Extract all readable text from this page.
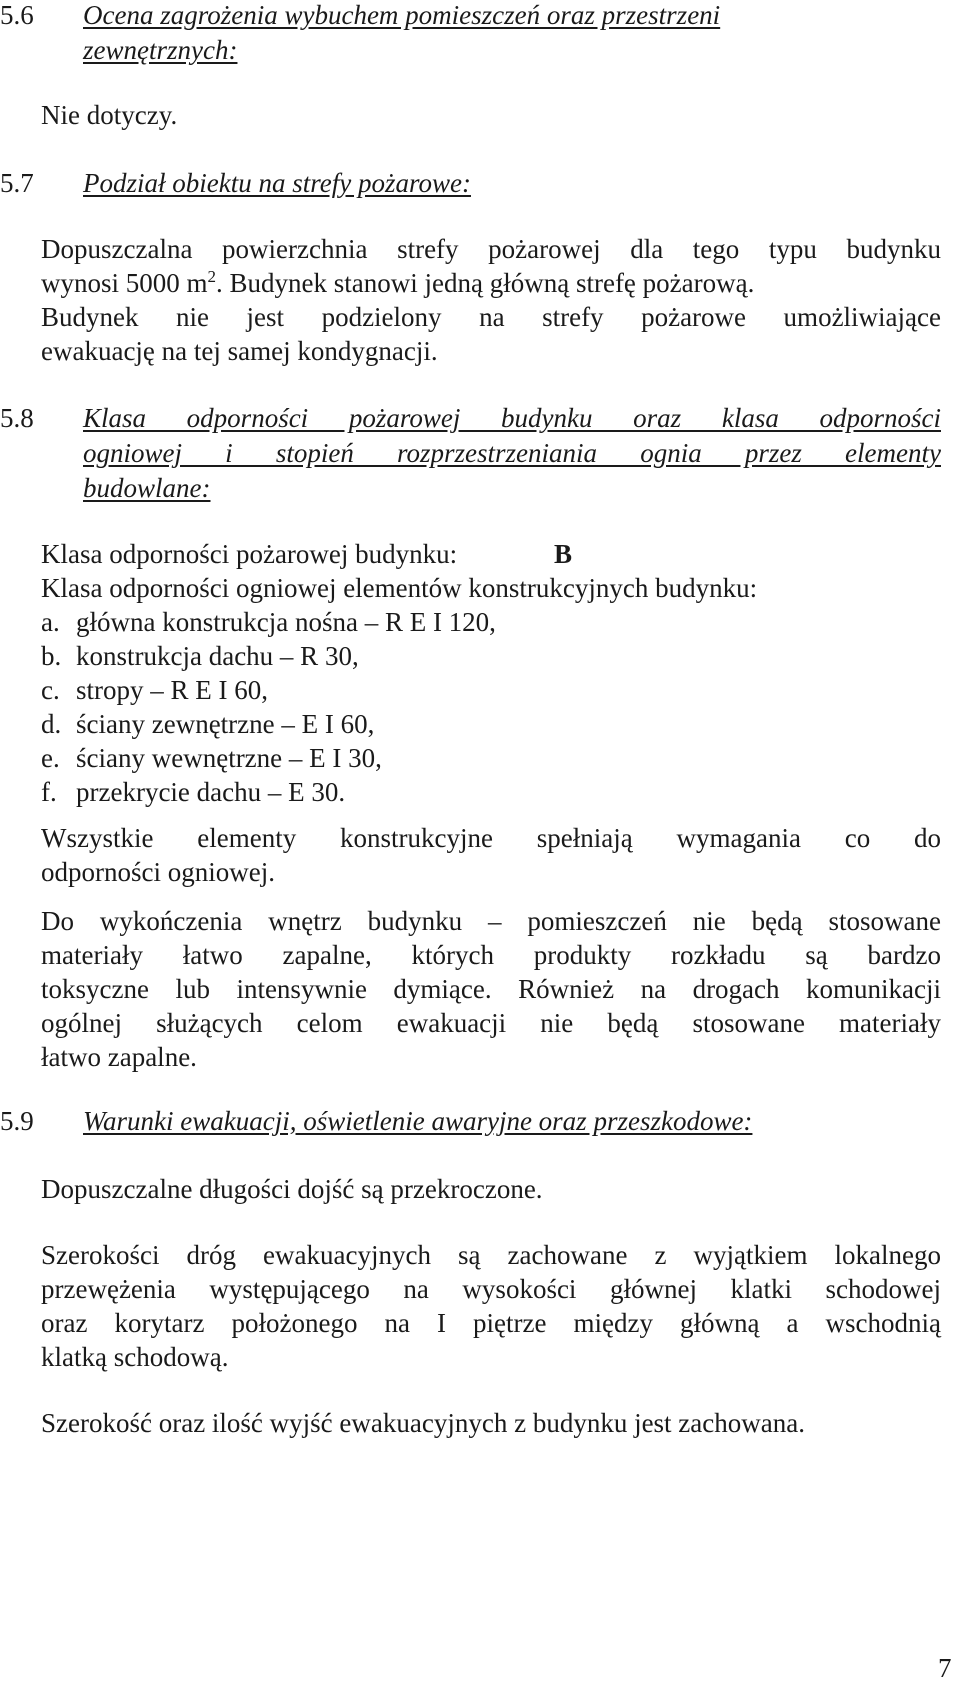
5.6 Ocena zagrożenia wybuchem pomieszczeń oraz przestrzeni
zewnętrznych:
Nie dotyczy.
5.7 Podział obiektu na strefy pożarowe:
Dopuszczalna powierzchnia strefy pożarowej dla tego typu budynku
wynosi 5000 $m^2$. Budynek stanowi jedną główną strefę pożarową.
Budynek nie jest podzielony na strefy pożarowe umożliwiające
ewakuację na tej samej kondygnacji.
5.8 Klasa odporności pożarowej budynku oraz klasa odporności
ogniowej i stopień rozprzestrzeniania ognia przez elementy
budowlane:
Klasa odporności pożarowej budynku:	B
Klasa odporności ogniowej elementów konstrukcyjnych budynku:
a. główna konstrukcja nośna – R E I 120,
b. konstrukcja dachu – R 30,
c. stropy – R E I 60,
d. ściany zewnętrzne – E I 60,
e. ściany wewnętrzne – E I 30,
f. przekrycie dachu – E 30.
Wszystkie elementy konstrukcyjne spełniają wymagania co do
odporności ogniowej.
Do wykończenia wnętrz budynku – pomieszczeń nie będą stosowane
materiały łatwo zapalne, których produkty rozkładu są bardzo
toksyczne lub intensywnie dymiące. Również na drogach komunikacji
ogólnej służących celom ewakuacji nie będą stosowane materiały
łatwo zapalne.
5.9 Warunki ewakuacji, oświetlenie awaryjne oraz przeszkodowe:
Dopuszczalne długości dojść są przekroczone.
Szerokości dróg ewakuacyjnych są zachowane z wyjątkiem lokalnego
przewężenia występującego na wysokości głównej klatki schodowej
oraz korytarz położonego na I piętrze między główną a wschodnią
klatką schodową.
Szerokość oraz ilość wyjść ewakuacyjnych z budynku jest zachowana.
7
